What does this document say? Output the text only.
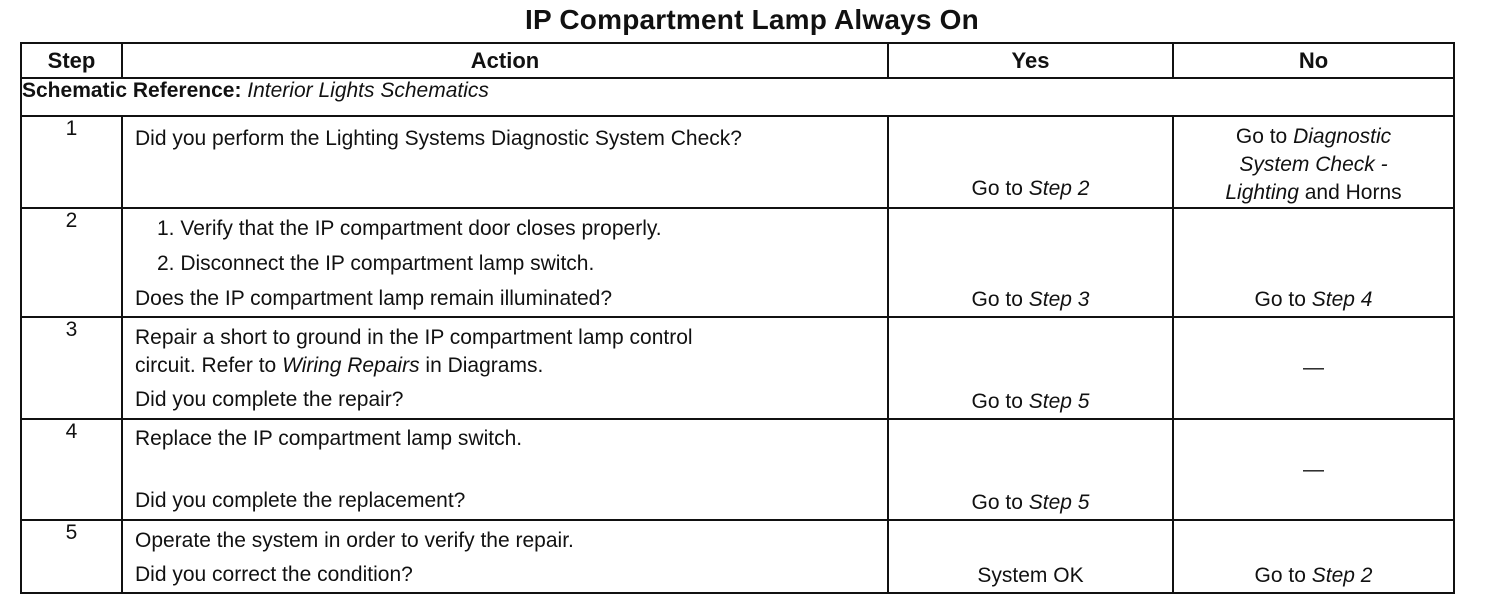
IP Compartment Lamp Always On
Step	Action	Yes	No
Schematic Reference: Interior Lights Schematics			
1	Did you perform the Lighting Systems Diagnostic System Check?	Go to Step 2	Go to Diagnostic
System Check -
Lighting and Horns

2	1. Verify that the IP compartment door closes properly.
2. Disconnect the IP compartment lamp switch.
Does the IP compartment lamp remain illuminated?	Go to Step 3	Go to Step 4

3	Repair a short to ground in the IP compartment lamp control
circuit. Refer to Wiring Repairs in Diagrams.
Did you complete the repair?	Go to Step 5	—
4	Replace the IP compartment lamp switch.
Did you complete the replacement?	Go to Step 5	—
5	Operate the system in order to verify the repair.
Did you correct the condition?	System OK	Go to Step 2
